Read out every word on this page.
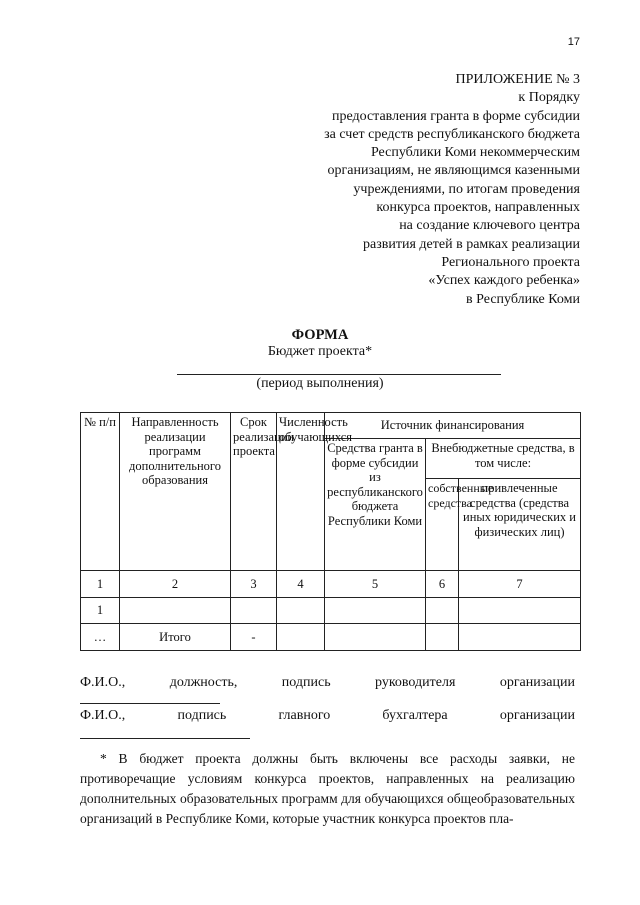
17
ПРИЛОЖЕНИЕ № 3
к Порядку
предоставления гранта в форме субсидии
за счет средств республиканского бюджета
Республики Коми некоммерческим
организациям, не являющимся казенными
учреждениями, по итогам проведения
конкурса проектов, направленных
на создание ключевого центра
развития детей в рамках реализации
Регионального проекта
«Успех каждого ребенка»
в Республике Коми
ФОРМА
Бюджет проекта*
(период выполнения)
№ п/п	Направленность реализации программ дополнительного образования	Срок реализации проекта	Численность обучающихся	Источник финансирования		
				Средства гранта в форме субсидии из республиканского бюджета Республики Коми	Внебюджетные средства, в том числе:	
					собственные средства	привлеченные средства (средства иных юридических и физических лиц)
1	2	3	4	5	6	7
1						
…	Итого	-				
Ф.И.О.,	должность,	подпись	руководителя	организации
Ф.И.О.,	подпись	главного	бухгалтера	организации
* В бюджет проекта должны быть включены все расходы заявки, не противоречащие условиям конкурса проектов, направленных на реализацию дополнительных образовательных программ для обучающихся общеобразовательных организаций в Республике Коми, которые участник конкурса проектов пла-
